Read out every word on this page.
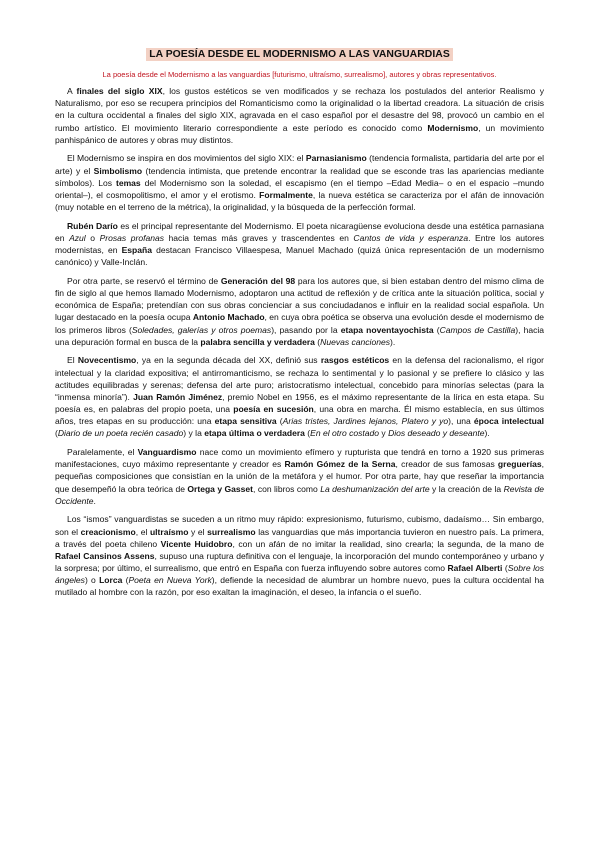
LA POESÍA DESDE EL MODERNISMO A LAS VANGUARDIAS
La poesía desde el Modernismo a las vanguardias [futurismo, ultraísmo, surrealismo], autores y obras representativos.

A finales del siglo XIX, los gustos estéticos se ven modificados y se rechaza los postulados del anterior Realismo y Naturalismo, por eso se recupera principios del Romanticismo como la originalidad o la libertad creadora. La situación de crisis en la cultura occidental a finales del siglo XIX, agravada en el caso español por el desastre del 98, provocó un cambio en el rumbo artístico. El movimiento literario correspondiente a este período es conocido como Modernismo, un movimiento panhispánico de autores y obras muy distintos.

El Modernismo se inspira en dos movimientos del siglo XIX: el Parnasianismo (tendencia formalista, partidaria del arte por el arte) y el Simbolismo (tendencia intimista, que pretende encontrar la realidad que se esconde tras las apariencias mediante símbolos). Los temas del Modernismo son la soledad, el escapismo (en el tiempo –Edad Media– o en el espacio –mundo oriental–), el cosmopolitismo, el amor y el erotismo. Formalmente, la nueva estética se caracteriza por el afán de innovación (muy notable en el terreno de la métrica), la originalidad, y la búsqueda de la perfección formal.

Rubén Darío es el principal representante del Modernismo. El poeta nicaragüense evoluciona desde una estética parnasiana en Azul o Prosas profanas hacia temas más graves y trascendentes en Cantos de vida y esperanza. Entre los autores modernistas, en España destacan Francisco Villaespesa, Manuel Machado (quizá única representación de un modernismo canónico) y Valle-Inclán.

Por otra parte, se reservó el término de Generación del 98 para los autores que, si bien estaban dentro del mismo clima de fin de siglo al que hemos llamado Modernismo, adoptaron una actitud de reflexión y de crítica ante la situación política, social y económica de España; pretendían con sus obras concienciar a sus conciudadanos e influir en la realidad social española. Un lugar destacado en la poesía ocupa Antonio Machado, en cuya obra poética se observa una evolución desde el modernismo de los primeros libros (Soledades, galerías y otros poemas), pasando por la etapa noventayochista (Campos de Castilla), hacia una depuración formal en busca de la palabra sencilla y verdadera (Nuevas canciones).

El Novecentismo, ya en la segunda década del XX, definió sus rasgos estéticos en la defensa del racionalismo, el rigor intelectual y la claridad expositiva; el antirromanticismo, se rechaza lo sentimental y lo pasional y se prefiere lo clásico y las actitudes equilibradas y serenas; defensa del arte puro; aristocratismo intelectual, concebido para minorías selectas (para la “inmensa minoría”). Juan Ramón Jiménez, premio Nobel en 1956, es el máximo representante de la lírica en esta etapa. Su poesía es, en palabras del propio poeta, una poesía en sucesión, una obra en marcha. Él mismo establecía, en sus últimos años, tres etapas en su producción: una etapa sensitiva (Arias tristes, Jardines lejanos, Platero y yo), una época intelectual (Diario de un poeta recién casado) y la etapa última o verdadera (En el otro costado y Dios deseado y deseante).

Paralelamente, el Vanguardismo nace como un movimiento efímero y rupturista que tendrá en torno a 1920 sus primeras manifestaciones, cuyo máximo representante y creador es Ramón Gómez de la Serna, creador de sus famosas greguerías, pequeñas composiciones que consistían en la unión de la metáfora y el humor. Por otra parte, hay que reseñar la importancia que desempeñó la obra teórica de Ortega y Gasset, con libros como La deshumanización del arte y la creación de la Revista de Occidente.

Los “ismos” vanguardistas se suceden a un ritmo muy rápido: expresionismo, futurismo, cubismo, dadaísmo… Sin embargo, son el creacionismo, el ultraísmo y el surrealismo las vanguardias que más importancia tuvieron en nuestro país. La primera, a través del poeta chileno Vicente Huidobro, con un afán de no imitar la realidad, sino crearla; la segunda, de la mano de Rafael Cansinos Assens, supuso una ruptura definitiva con el lenguaje, la incorporación del mundo contemporáneo y urbano y la sorpresa; por último, el surrealismo, que entró en España con fuerza influyendo sobre autores como Rafael Alberti (Sobre los ángeles) o Lorca (Poeta en Nueva York), defiende la necesidad de alumbrar un hombre nuevo, pues la cultura occidental ha mutilado al hombre con la razón, por eso exaltan la imaginación, el deseo, la infancia o el sueño.
